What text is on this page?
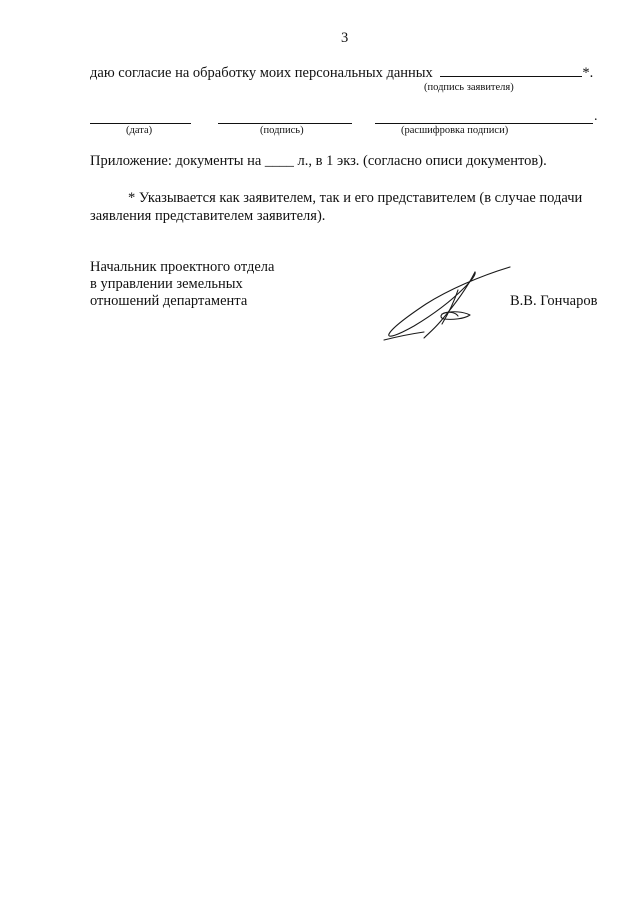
3
даю согласие на обработку моих персональных данных	*.
(подпись заявителя)
.
(дата)	(подпись)	(расшифровка подписи)
Приложение: документы на ____ л., в 1 экз. (согласно описи документов).
* Указывается как заявителем, так и его представителем (в случае подачи
заявления представителем заявителя).
Начальник проектного отдела
в управлении земельных
отношений департамента	В.В. Гончаров
